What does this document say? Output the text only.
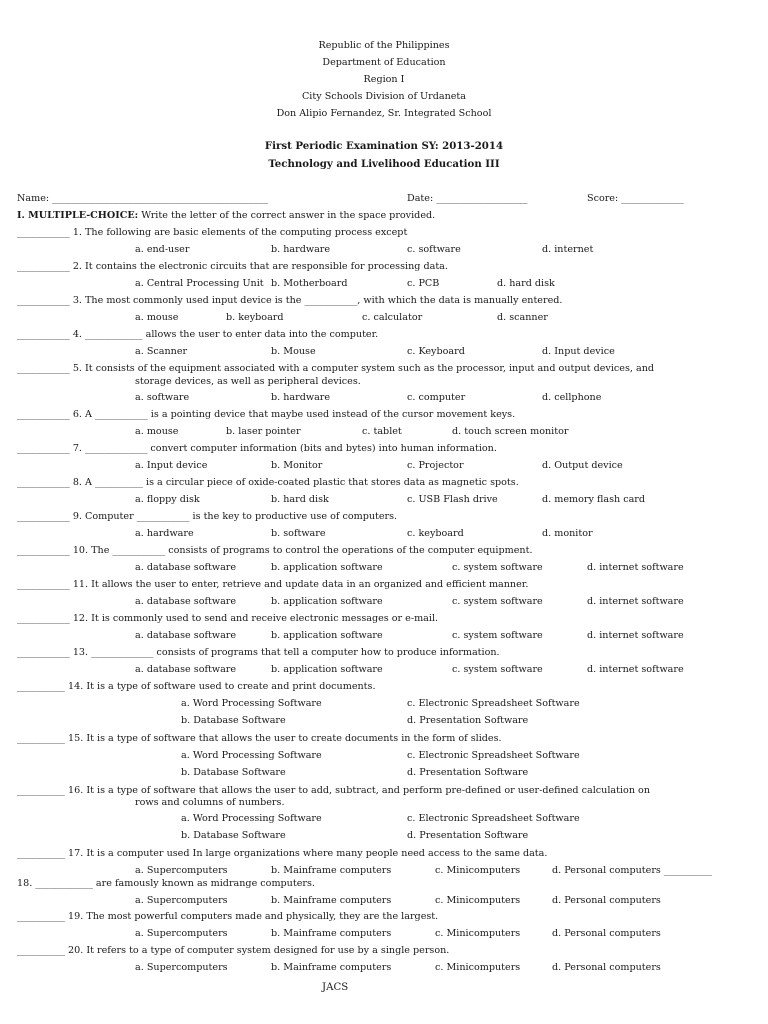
Republic of the Philippines
Department of Education
Region I
City Schools Division of Urdaneta
Don Alipio Fernandez, Sr. Integrated School
First Periodic Examination SY: 2013-2014
Technology and Livelihood Education III
Name: _____________________________________________	Date: ___________________	Score: _____________
I. MULTIPLE-CHOICE: Write the letter of the correct answer in the space provided.
___________ 1. The following are basic elements of the computing process except
a. end-user	b. hardware	c. software	d. internet
___________ 2. It contains the electronic circuits that are responsible for processing data.
a. Central Processing Unit b. Motherboard	c. PCB	d. hard disk
___________ 3. The most commonly used input device is the ___________, with which the data is manually entered.
a. mouse	b. keyboard	c. calculator	d. scanner
___________ 4. ____________ allows the user to enter data into the computer.
a. Scanner	b. Mouse	c. Keyboard	d. Input device
___________ 5. It consists of the equipment associated with a computer system such as the processor, input and output devices, and
storage devices, as well as peripheral devices.
a. software	b. hardware	c. computer	d. cellphone
___________ 6. A ___________ is a pointing device that maybe used instead of the cursor movement keys.
a. mouse	b. laser pointer	c. tablet	d. touch screen monitor
___________ 7. _____________ convert computer information (bits and bytes) into human information.
a. Input device	b. Monitor	c. Projector	d. Output device
___________ 8. A __________ is a circular piece of oxide-coated plastic that stores data as magnetic spots.
a. floppy disk	b. hard disk	c. USB Flash drive	d. memory flash card
___________ 9. Computer ___________ is the key to productive use of computers.
a. hardware	b. software	c. keyboard	d. monitor
___________ 10. The ___________ consists of programs to control the operations of the computer equipment.
a. database software	b. application software	c. system software	d. internet software
___________ 11. It allows the user to enter, retrieve and update data in an organized and efficient manner.
a. database software	b. application software	c. system software	d. internet software
___________ 12. It is commonly used to send and receive electronic messages or e-mail.
a. database software	b. application software	c. system software	d. internet software
___________ 13. _____________ consists of programs that tell a computer how to produce information.
a. database software	b. application software	c. system software	d. internet software
__________ 14. It is a type of software used to create and print documents.
a. Word Processing Software	c. Electronic Spreadsheet Software
b. Database Software	d. Presentation Software
__________ 15. It is a type of software that allows the user to create documents in the form of slides.
a. Word Processing Software	c. Electronic Spreadsheet Software
b. Database Software	d. Presentation Software
__________ 16. It is a type of software that allows the user to add, subtract, and perform pre-defined or user-defined calculation on
rows and columns of numbers.
a. Word Processing Software	c. Electronic Spreadsheet Software
b. Database Software	d. Presentation Software
__________ 17. It is a computer used In large organizations where many people need access to the same data.
a. Supercomputers	b. Mainframe computers	c. Minicomputers	d. Personal computers __________
18. ____________ are famously known as midrange computers.
a. Supercomputers	b. Mainframe computers	c. Minicomputers	d. Personal computers
__________ 19. The most powerful computers made and physically, they are the largest.
a. Supercomputers	b. Mainframe computers	c. Minicomputers	d. Personal computers
__________ 20. It refers to a type of computer system designed for use by a single person.
a. Supercomputers	b. Mainframe computers	c. Minicomputers	d. Personal computers
JACS
